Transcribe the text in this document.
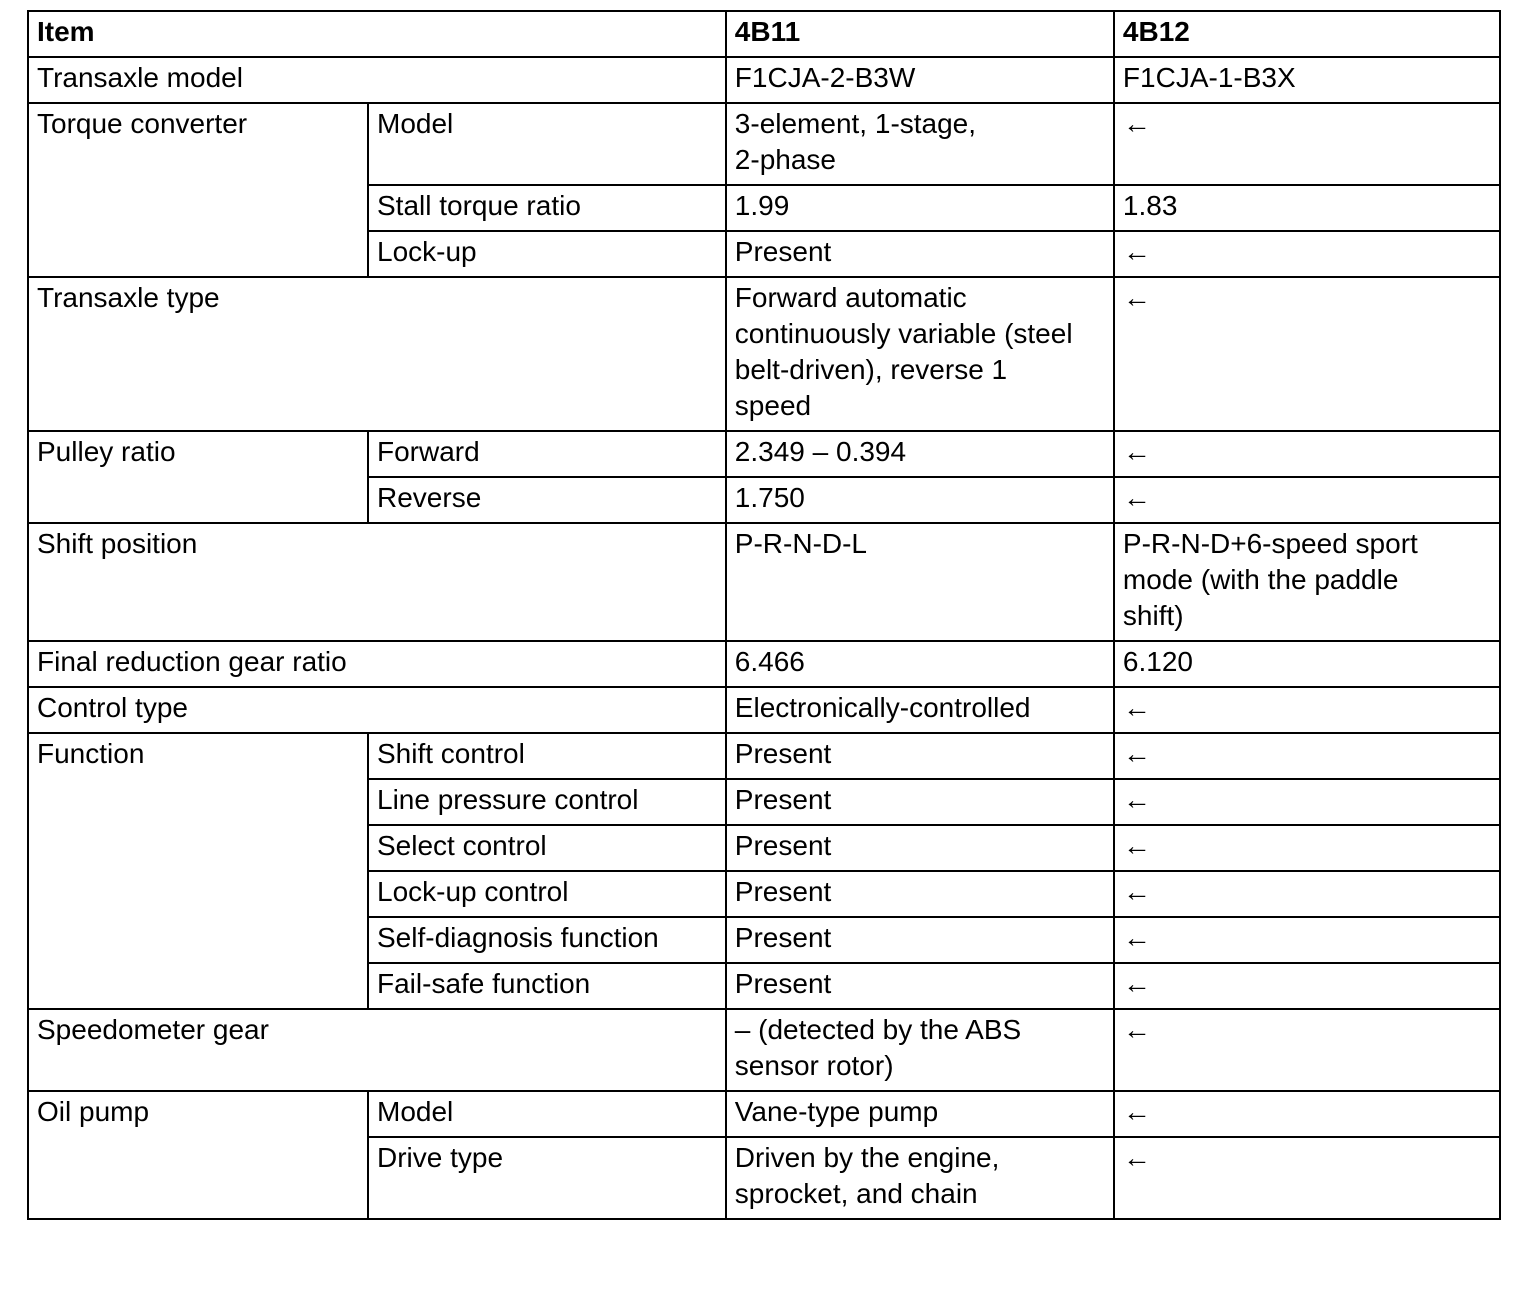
Item		4B11	4B12
Transaxle model		F1CJA-2-B3W	F1CJA-1-B3X
Torque converter	Model	3-element, 1-stage,
2-phase	←
	Stall torque ratio	1.99	1.83
	Lock-up	Present	←
Transaxle type		Forward automatic
continuously variable (steel
belt-driven), reverse 1
speed	←
Pulley ratio	Forward	2.349 – 0.394	←
	Reverse	1.750	←
Shift position		P-R-N-D-L	P-R-N-D+6-speed sport
mode (with the paddle
shift)
Final reduction gear ratio		6.466	6.120
Control type		Electronically-controlled	←
Function	Shift control	Present	←
	Line pressure control	Present	←
	Select control	Present	←
	Lock-up control	Present	←
	Self-diagnosis function	Present	←
	Fail-safe function	Present	←
Speedometer gear		– (detected by the ABS
sensor rotor)	←
Oil pump	Model	Vane-type pump	←
	Drive type	Driven by the engine,
sprocket, and chain	←
